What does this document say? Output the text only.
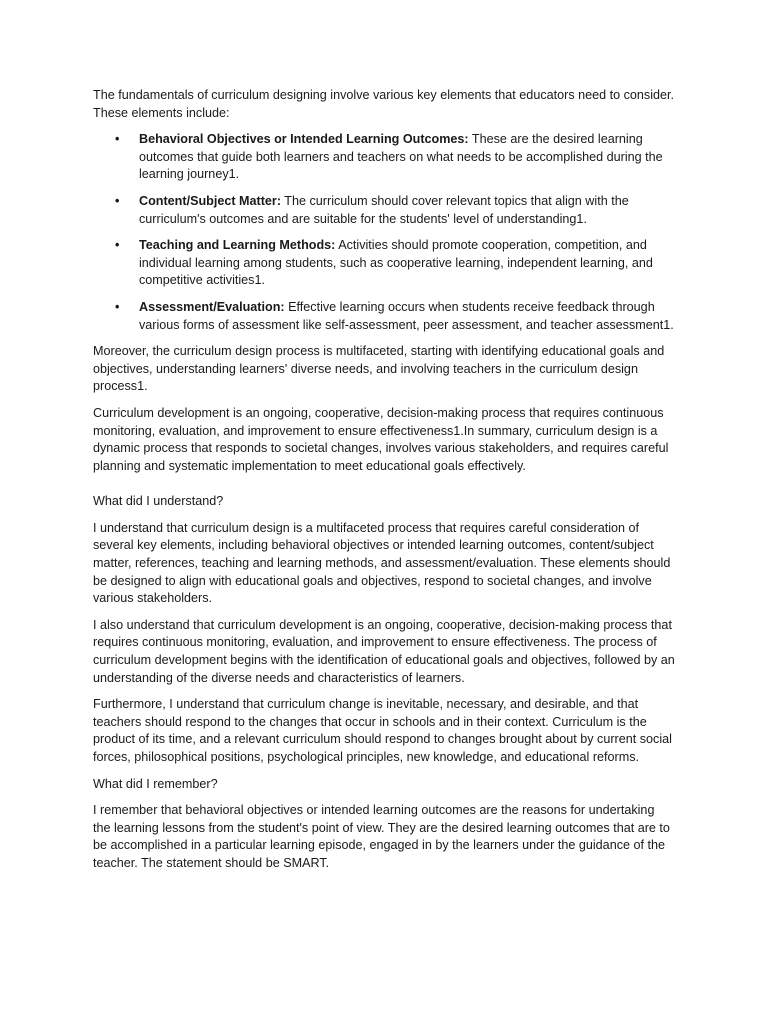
The fundamentals of curriculum designing involve various key elements that educators need to consider. These elements include:

• Behavioral Objectives or Intended Learning Outcomes: These are the desired learning outcomes that guide both learners and teachers on what needs to be accomplished during the learning journey1.
• Content/Subject Matter: The curriculum should cover relevant topics that align with the curriculum's outcomes and are suitable for the students' level of understanding1.
• Teaching and Learning Methods: Activities should promote cooperation, competition, and individual learning among students, such as cooperative learning, independent learning, and competitive activities1.
• Assessment/Evaluation: Effective learning occurs when students receive feedback through various forms of assessment like self-assessment, peer assessment, and teacher assessment1.

Moreover, the curriculum design process is multifaceted, starting with identifying educational goals and objectives, understanding learners' diverse needs, and involving teachers in the curriculum design process1.

Curriculum development is an ongoing, cooperative, decision-making process that requires continuous monitoring, evaluation, and improvement to ensure effectiveness1.In summary, curriculum design is a dynamic process that responds to societal changes, involves various stakeholders, and requires careful planning and systematic implementation to meet educational goals effectively.

What did I understand?

I understand that curriculum design is a multifaceted process that requires careful consideration of several key elements, including behavioral objectives or intended learning outcomes, content/subject matter, references, teaching and learning methods, and assessment/evaluation. These elements should be designed to align with educational goals and objectives, respond to societal changes, and involve various stakeholders.

I also understand that curriculum development is an ongoing, cooperative, decision-making process that requires continuous monitoring, evaluation, and improvement to ensure effectiveness. The process of curriculum development begins with the identification of educational goals and objectives, followed by an understanding of the diverse needs and characteristics of learners.

Furthermore, I understand that curriculum change is inevitable, necessary, and desirable, and that teachers should respond to the changes that occur in schools and in their context. Curriculum is the product of its time, and a relevant curriculum should respond to changes brought about by current social forces, philosophical positions, psychological principles, new knowledge, and educational reforms.

What did I remember?

I remember that behavioral objectives or intended learning outcomes are the reasons for undertaking the learning lessons from the student's point of view. They are the desired learning outcomes that are to be accomplished in a particular learning episode, engaged in by the learners under the guidance of the teacher. The statement should be SMART.
